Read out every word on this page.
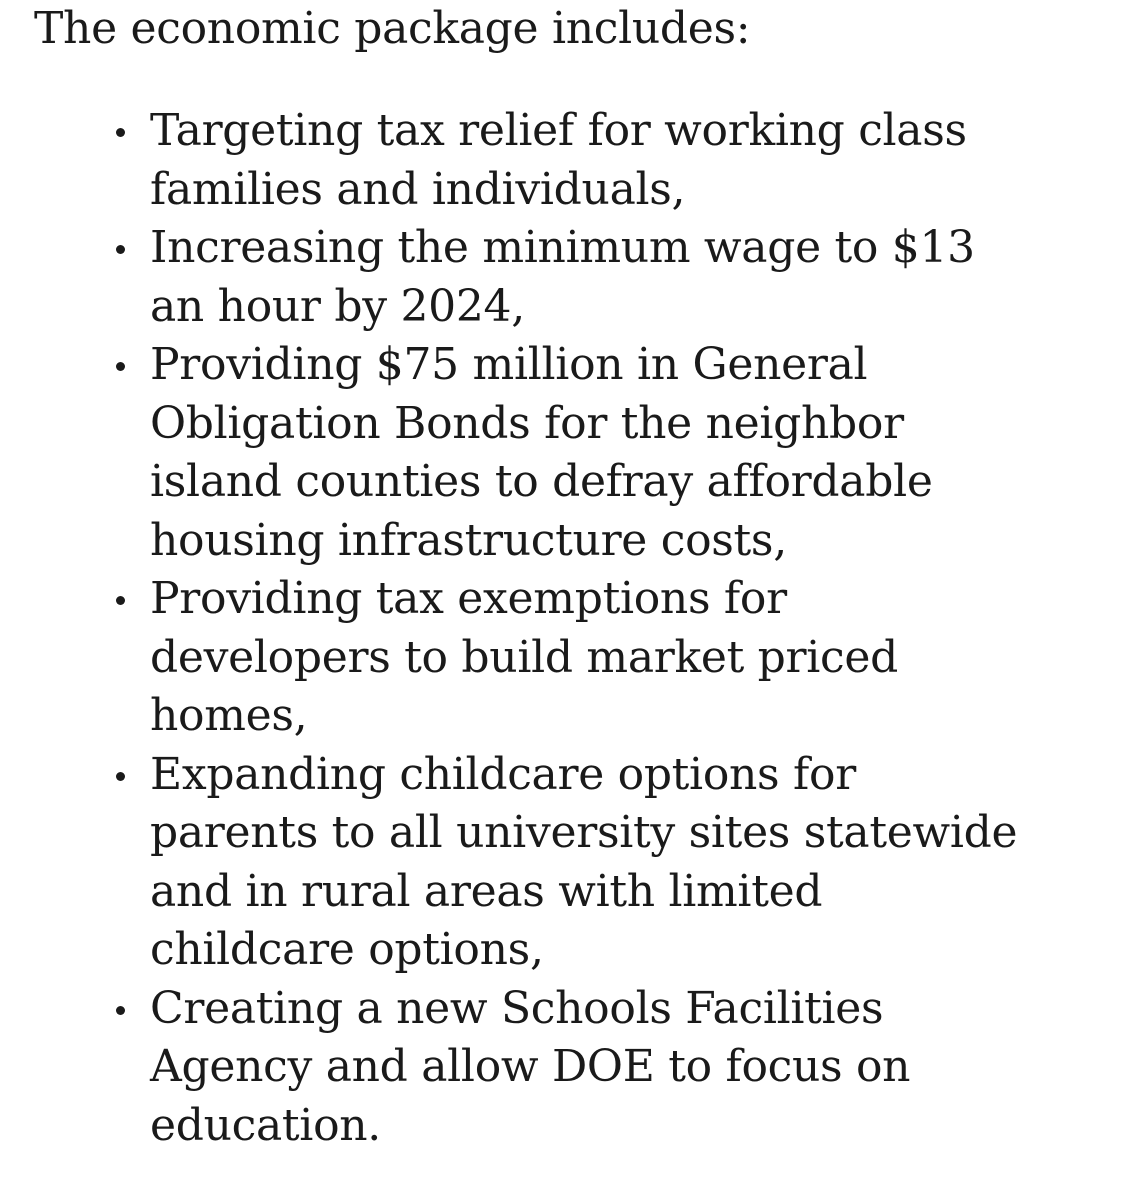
The economic package includes:

Targeting tax relief for working class
families and individuals,
Increasing the minimum wage to $13
an hour by 2024,
Providing $75 million in General
Obligation Bonds for the neighbor
island counties to defray affordable
housing infrastructure costs,
Providing tax exemptions for
developers to build market priced
homes,
Expanding childcare options for
parents to all university sites statewide
and in rural areas with limited
childcare options,
Creating a new Schools Facilities
Agency and allow DOE to focus on
education.
